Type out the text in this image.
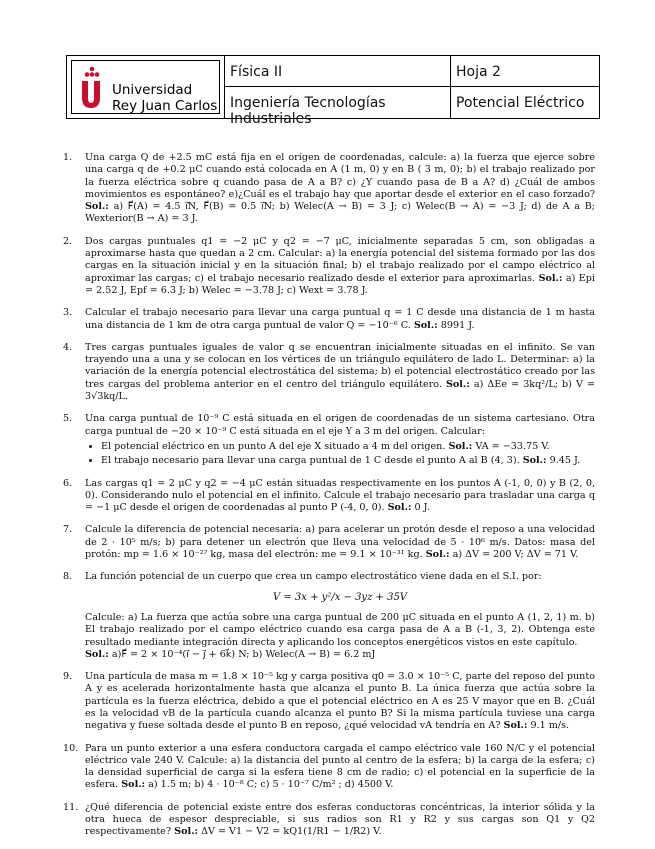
Universidad
Rey Juan Carlos
Física II
Ingeniería Tecnologías Industriales
Hoja 2
Potencial Eléctrico
1. Una carga Q de +2.5 mC está fija en el origen de coordenadas, calcule: a) la fuerza que ejerce sobre una carga q de +0.2 μC cuando está colocada en A (1 m, 0) y en B ( 3 m, 0); b) el trabajo realizado por la fuerza eléctrica sobre q cuando pasa de A a B? c) ¿Y cuando pasa de B a A? d) ¿Cuál de ambos movimientos es espontáneo? e)¿Cuál es el trabajo hay que aportar desde el exterior en el caso forzado? Sol.: a) F⃗(A) = 4.5 i⃗N, F⃗(B) = 0.5 i⃗N; b) Welec(A → B) = 3 J; c) Welec(B → A) = −3 J; d) de A a B; Wexterior(B → A) = 3 J.
2. Dos cargas puntuales q1 = −2 μC y q2 = −7 μC, inicialmente separadas 5 cm, son obligadas a aproximarse hasta que quedan a 2 cm. Calcular: a) la energía potencial del sistema formado por las dos cargas en la situación inicial y en la situación final; b) el trabajo realizado por el campo eléctrico al aproximar las cargas; c) el trabajo necesario realizado desde el exterior para aproximarlas. Sol.: a) Epi = 2.52 J, Epf = 6.3 J; b) Welec = −3.78 J; c) Wext = 3.78 J.
3. Calcular el trabajo necesario para llevar una carga puntual q = 1 C desde una distancia de 1 m hasta una distancia de 1 km de otra carga puntual de valor Q = −10⁻⁶ C. Sol.: 8991 J.
4. Tres cargas puntuales iguales de valor q se encuentran inicialmente situadas en el infinito. Se van trayendo una a una y se colocan en los vértices de un triángulo equilátero de lado L. Determinar: a) la variación de la energía potencial electrostática del sistema; b) el potencial electrostático creado por las tres cargas del problema anterior en el centro del triángulo equilátero. Sol.: a) ΔEe = 3kq²/L; b) V = 3√3kq/L.
5. Una carga puntual de 10⁻⁹ C está situada en el origen de coordenadas de un sistema cartesiano. Otra carga puntual de −20 × 10⁻⁹ C está situada en el eje Y a 3 m del origen. Calcular:
• El potencial eléctrico en un punto A del eje X situado a 4 m del origen. Sol.: VA = −33.75 V.
• El trabajo necesario para llevar una carga puntual de 1 C desde el punto A al B (4, 3). Sol.: 9.45 J.
6. Las cargas q1 = 2 μC y q2 = −4 μC están situadas respectivamente en los puntos A (-1, 0, 0) y B (2, 0, 0). Considerando nulo el potencial en el infinito. Calcule el trabajo necesario para trasladar una carga q = −1 μC desde el origen de coordenadas al punto P (-4, 0, 0). Sol.: 0 J.
7. Calcule la diferencia de potencial necesaria: a) para acelerar un protón desde el reposo a una velocidad de 2 · 10⁵ m/s; b) para detener un electrón que lleva una velocidad de 5 · 10⁶ m/s. Datos: masa del protón: mp = 1.6 × 10⁻²⁷ kg, masa del electrón: me = 9.1 × 10⁻³¹ kg. Sol.: a) ΔV = 200 V; ΔV = 71 V.
8. La función potencial de un cuerpo que crea un campo electrostático viene dada en el S.I. por:
V = 3x + y²/x − 3yz + 35V
Calcule: a) La fuerza que actúa sobre una carga puntual de 200 μC situada en el punto A (1, 2, 1) m. b) El trabajo realizado por el campo eléctrico cuando esa carga pasa de A a B (-1, 3, 2). Obtenga este resultado mediante integración directa y aplicando los conceptos energéticos vistos en este capítulo.
Sol.: a)F⃗ = 2 × 10⁻⁴(i⃗ − j⃗ + 6k⃗) N; b) Welec(A → B) = 6.2 mJ
9. Una partícula de masa m = 1.8 × 10⁻⁵ kg y carga positiva q0 = 3.0 × 10⁻⁵ C, parte del reposo del punto A y es acelerada horizontalmente hasta que alcanza el punto B. La única fuerza que actúa sobre la partícula es la fuerza eléctrica, debido a que el potencial eléctrico en A es 25 V mayor que en B. ¿Cuál es la velocidad vB de la partícula cuando alcanza el punto B? Si la misma partícula tuviese una carga negativa y fuese soltada desde el punto B en reposo, ¿qué velocidad vA tendría en A? Sol.: 9.1 m/s.
10. Para un punto exterior a una esfera conductora cargada el campo eléctrico vale 160 N/C y el potencial eléctrico vale 240 V. Calcule: a) la distancia del punto al centro de la esfera; b) la carga de la esfera; c) la densidad superficial de carga si la esfera tiene 8 cm de radio; c) el potencial en la superficie de la esfera. Sol.: a) 1.5 m; b) 4 · 10⁻⁸ C; c) 5 · 10⁻⁷ C/m² ; d) 4500 V.
11. ¿Qué diferencia de potencial existe entre dos esferas conductoras concéntricas, la interior sólida y la otra hueca de espesor despreciable, si sus radios son R1 y R2 y sus cargas son Q1 y Q2 respectivamente? Sol.: ΔV = V1 − V2 = kQ1(1/R1 − 1/R2) V.
